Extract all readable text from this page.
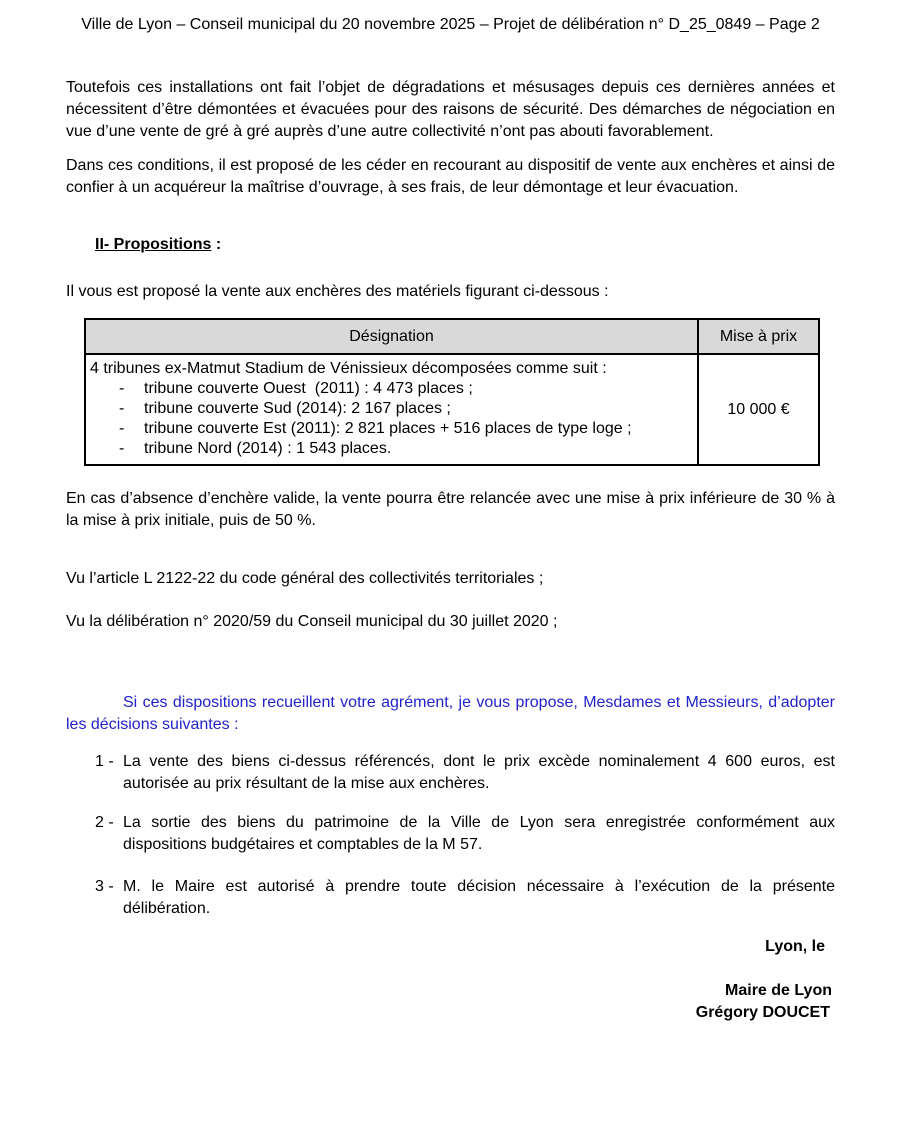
Ville de Lyon – Conseil municipal du 20 novembre 2025 – Projet de délibération n° D_25_0849 – Page 2

Toutefois ces installations ont fait l’objet de dégradations et mésusages depuis ces dernières années et nécessitent d’être démontées et évacuées pour des raisons de sécurité. Des démarches de négociation en vue d’une vente de gré à gré auprès d’une autre collectivité n’ont pas abouti favorablement.

Dans ces conditions, il est proposé de les céder en recourant au dispositif de vente aux enchères et ainsi de confier à un acquéreur la maîtrise d’ouvrage, à ses frais, de leur démontage et leur évacuation.

II- Propositions :

Il vous est proposé la vente aux enchères des matériels figurant ci-dessous :

Désignation	Mise à prix

4 tribunes ex-Matmut Stadium de Vénissieux décomposées comme suit :
- tribune couverte Ouest  (2011) : 4 473 places ;
- tribune couverte Sud (2014): 2 167 places ;
- tribune couverte Est (2011): 2 821 places + 516 places de type loge ;
- tribune Nord (2014) : 1 543 places.
	10 000 €

En cas d’absence d’enchère valide, la vente pourra être relancée avec une mise à prix inférieure de 30 % à la mise à prix initiale, puis de 50 %.

Vu l’article L 2122-22 du code général des collectivités territoriales ;

Vu la délibération n° 2020/59 du Conseil municipal du 30 juillet 2020 ;

Si ces dispositions recueillent votre agrément, je vous propose, Mesdames et Messieurs, d’adopter les décisions suivantes :

1 - La vente des biens ci-dessus référencés, dont le prix excède nominalement 4 600 euros, est autorisée au prix résultant de la mise aux enchères.
2 - La sortie des biens du patrimoine de la Ville de Lyon sera enregistrée conformément aux dispositions budgétaires et comptables de la M 57.
3 - M. le Maire est autorisé à prendre toute décision nécessaire à l’exécution de la présente délibération.

Lyon, le

Maire de Lyon

Grégory DOUCET
